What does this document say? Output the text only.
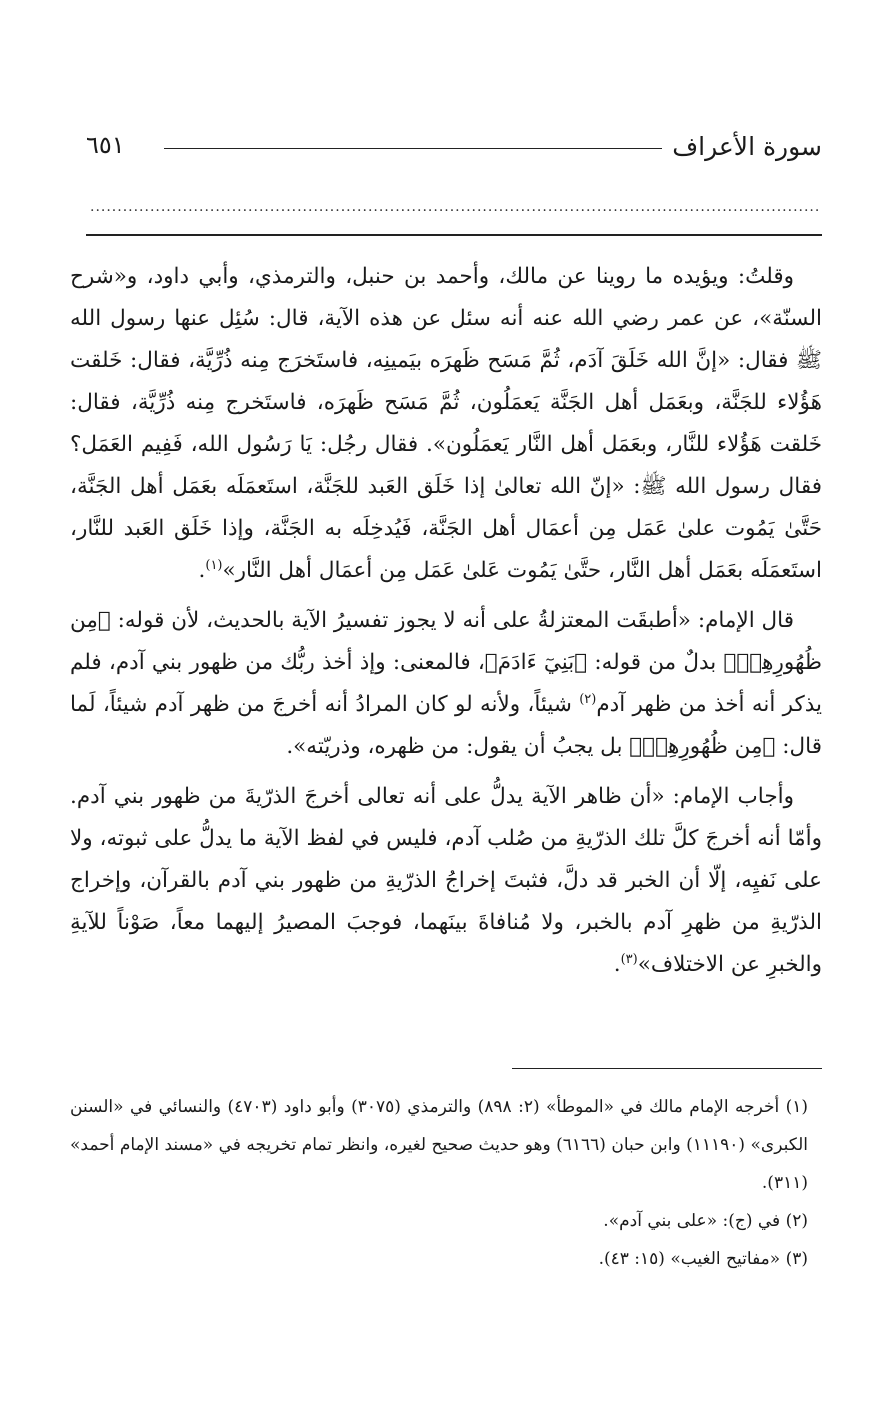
سورة الأعراف
٦٥١
.....

وقلتُ: ويؤيده ما روينا عن مالك، وأحمد بن حنبل، والترمذي، وأبي داود، و«شرح السنّة»، عن عمر رضي الله عنه أنه سئل عن هذه الآية، قال: سُئِل عنها رسول الله ﷺ فقال: «إنَّ الله خَلَقَ آدَم، ثُمَّ مَسَح ظَهرَه بيَمينِه، فاستَخرَج مِنه ذُرِّيَّة، فقال: خَلقت هَؤُلاء للجَنَّة، وبعَمَل أهل الجَنَّة يَعمَلُون، ثُمَّ مَسَح ظَهرَه، فاستَخرج مِنه ذُرِّيَّة، فقال: خَلقت هَؤُلاء للنَّار، وبعَمَل أهل النَّار يَعمَلُون». فقال رجُل: يَا رَسُول الله، فَفِيم العَمَل؟ فقال رسول الله ﷺ: «إنّ الله تعالىٰ إذا خَلَق العَبد للجَنَّة، استَعمَلَه بعَمَل أهل الجَنَّة، حَتَّىٰ يَمُوت علىٰ عَمَل مِن أعمَال أهل الجَنَّة، فَيُدخِلَه به الجَنَّة، وإذا خَلَق العَبد للنَّار، استَعمَلَه بعَمَل أهل النَّار، حتَّىٰ يَمُوت عَلىٰ عَمَل مِن أعمَال أهل النَّار»$^{(١)}$.

قال الإمام: «أطبقَت المعتزلةُ على أنه لا يجوز تفسيرُ الآية بالحديث، لأن قوله: ﴿مِن ظُهُورِهِمۡ﴾ بدلٌ من قوله: ﴿بَنِيٓ ءَادَمَ﴾، فالمعنى: وإذ أخذ ربُّك من ظهور بني آدم، فلم يذكر أنه أخذ من ظهر آدم$^{(٢)}$ شيئاً، ولأنه لو كان المرادُ أنه أخرجَ من ظهر آدم شيئاً، لَما قال: ﴿مِن ظُهُورِهِمۡ﴾ بل يجبُ أن يقول: من ظهره، وذريّته».

وأجاب الإمام: «أن ظاهر الآية يدلُّ على أنه تعالى أخرجَ الذرّيةَ من ظهور بني آدم. وأمّا أنه أخرجَ كلَّ تلك الذرّيةِ من صُلب آدم، فليس في لفظ الآية ما يدلُّ على ثبوته، ولا على نَفيِه، إلّا أن الخبر قد دلَّ، فثبتَ إخراجُ الذرّيةِ من ظهور بني آدم بالقرآن، وإخراج الذرّيةِ من ظهرِ آدم بالخبر، ولا مُنافاةَ بينَهما، فوجبَ المصيرُ إليهما معاً، صَوْناً للآيةِ والخبرِ عن الاختلاف»$^{(٣)}$.

(١) أخرجه الإمام مالك في «الموطأ» (٢: ٨٩٨) والترمذي (٣٠٧٥) وأبو داود (٤٧٠٣) والنسائي في «السنن الكبرى» (١١١٩٠) وابن حبان (٦١٦٦) وهو حديث صحيح لغيره، وانظر تمام تخريجه في «مسند الإمام أحمد» (٣١١).

(٢) في (ج): «على بني آدم».

(٣) «مفاتيح الغيب» (١٥: ٤٣).
